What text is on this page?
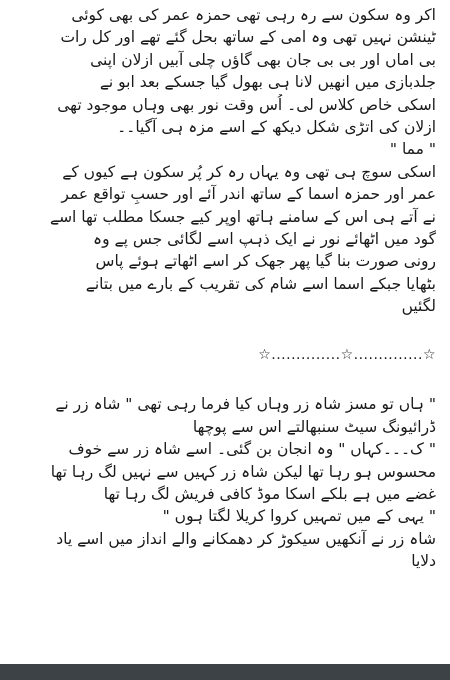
اکر وہ سکون سے رہ رہی تھی حمزہ عمر کی بھی کوئی
ٹینشن نہیں تھی وہ امی کے ساتھ بحل گئے تھے اور کل رات
بی اماں اور بی بی جان بھی گاؤں چلی آبیں ازلان اپنی
جلدبازی میں انھیں لانا ہی بھول گیا جسکے بعد ابو نے
اسکی خاص کلاس لی۔ اُس وقت نور بھی وہاں موجود تھی
ازلان کی اتڑی شکل دیکھ کے اسے مزہ ہی آگیا۔۔
" مما "
اسکی سوچ ہی تھی وہ یہاں رہ کر پُر سکون ہے کیوں کے
عمر اور حمزہ اسما کے ساتھ اندر آئے اور حسبِ تواقع عمر
نے آتے ہی اس کے سامنے ہاتھ اوپر کیے جسکا مطلب تھا اسے
گود میں اٹھائے نور نے ایک ذہپ اسے لگائی جس پے وہ
رونی صورت بنا گیا پھر جھک کر اسے اٹھاتے ہوئے پاس
بٹھایا جبکے اسما اسے شام کی تقریب کے بارے میں بتانے
لگئیں
☆..............☆..............☆
" ہاں تو مسز شاہ زر وہاں کیا فرما رہی تھی " شاہ زر نے
ڈرائیونگ سیٹ سنبھالتے اس سے پوچھا
" ک۔۔۔کہاں " وہ انجان بن گئی۔ اسے شاہ زر سے خوف
محسوس ہو رہا تھا لیکن شاہ زر کہیں سے نہیں لگ رہا تھا
غضے میں ہے بلکے اسکا موڈ کافی فریش لگ رہا تھا
" یہی کے میں تمہیں کروا کریلا لگتا ہوں "
شاہ زر نے آنکھیں سیکوڑ کر دھمکانے والے انداز میں اسے یاد
دلایا
